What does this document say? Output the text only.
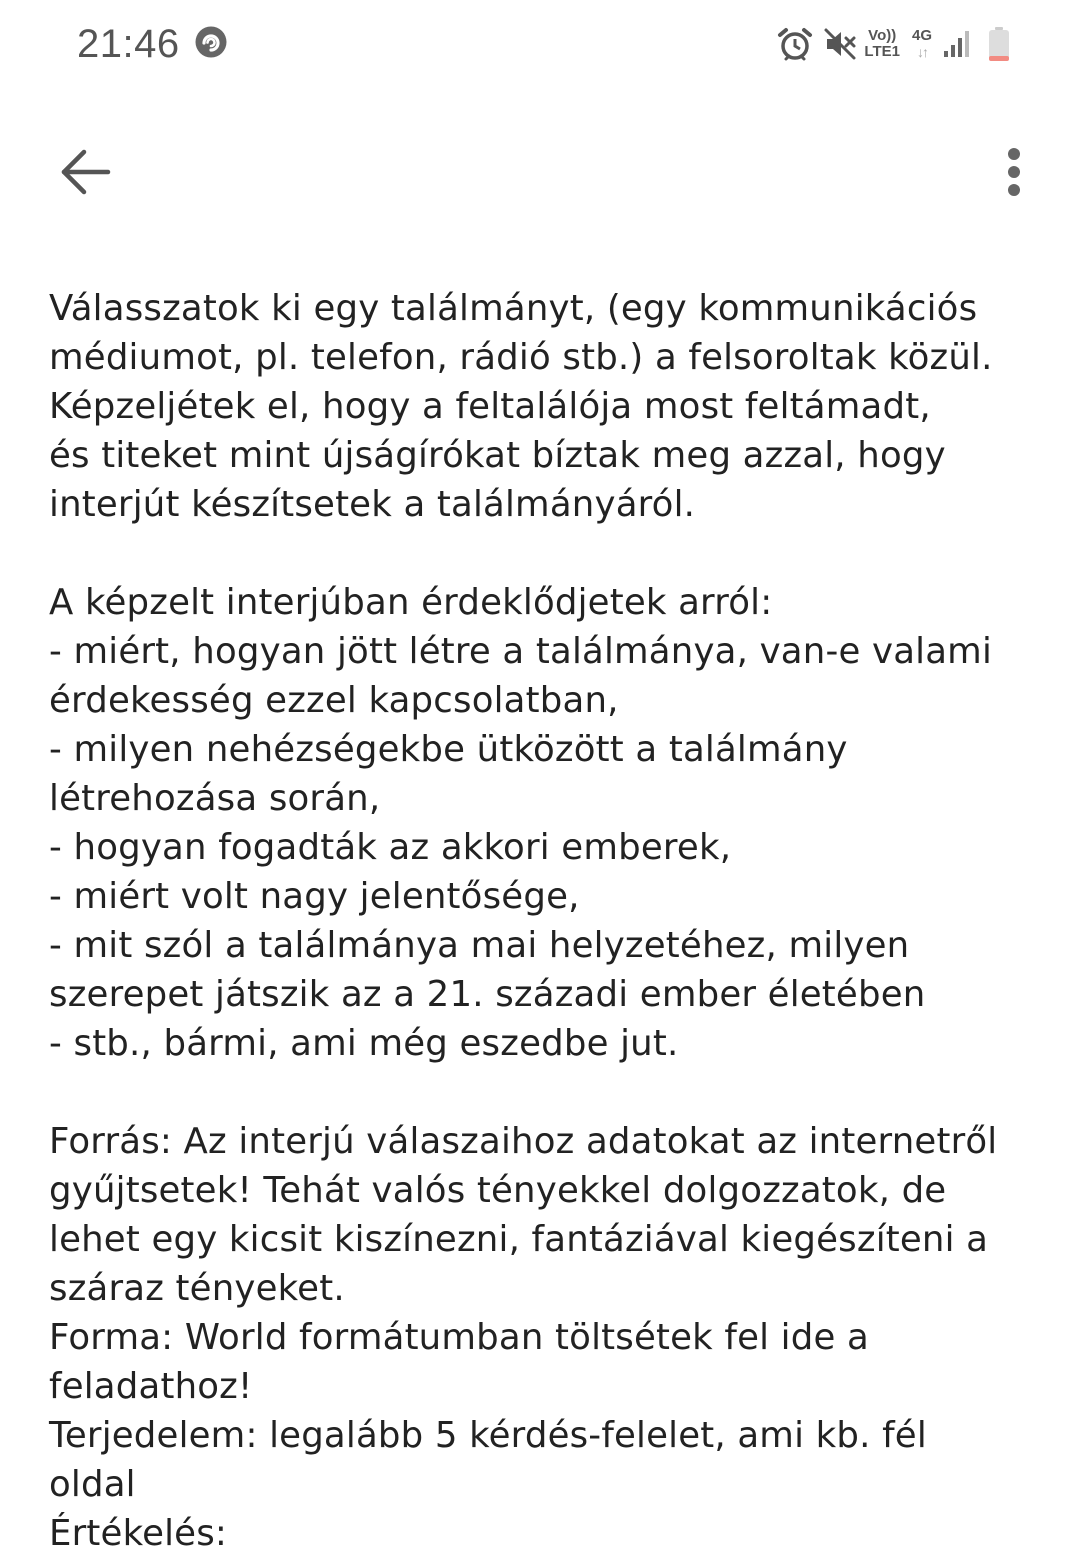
21:46	Vo))
LTE1
4G
↓↑
Válasszatok ki egy találmányt, (egy kommunikációs
médiumot, pl. telefon, rádió stb.) a felsoroltak közül.
Képzeljétek el, hogy a feltalálója most feltámadt,
és titeket mint újságírókat bíztak meg azzal, hogy
interjút készítsetek a találmányáról.
A képzelt interjúban érdeklődjetek arról:
- miért, hogyan jött létre a találmánya, van-e valami
érdekesség ezzel kapcsolatban,
- milyen nehézségekbe ütközött a találmány
létrehozása során,
- hogyan fogadták az akkori emberek,
- miért volt nagy jelentősége,
- mit szól a találmánya mai helyzetéhez, milyen
szerepet játszik az a 21. századi ember életében
- stb., bármi, ami még eszedbe jut.
Forrás: Az interjú válaszaihoz adatokat az internetről
gyűjtsetek! Tehát valós tényekkel dolgozzatok, de
lehet egy kicsit kiszínezni, fantáziával kiegészíteni a
száraz tényeket.
Forma: World formátumban töltsétek fel ide a
feladathoz!
Terjedelem: legalább 5 kérdés-felelet, ami kb. fél
oldal
Értékelés:
